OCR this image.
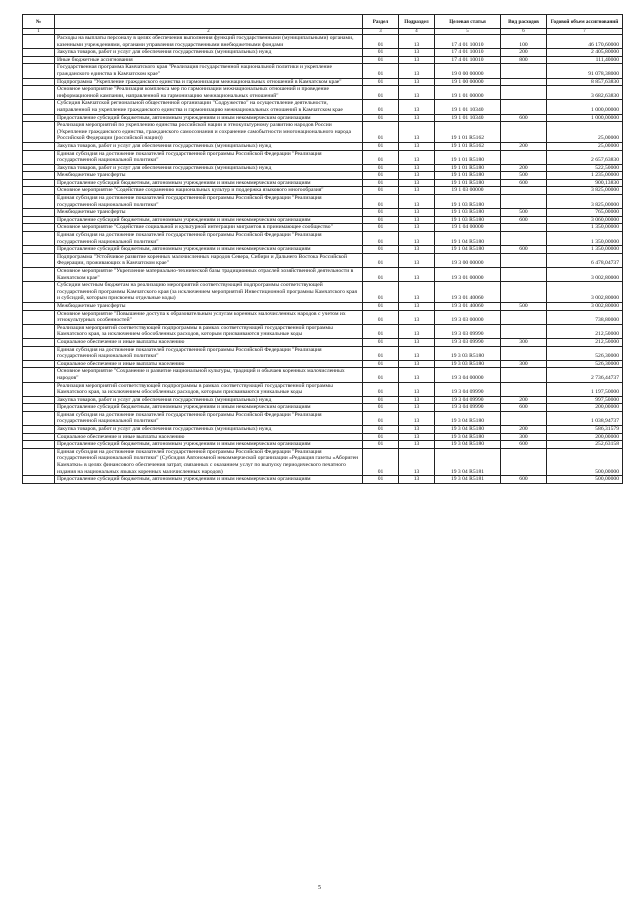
№		Раздел	Подраздел	Целевая статья	Вид расходов	Годовой объем ассигнований
1	2	3	4	5	6	7
	Расходы на выплаты персоналу в целях обеспечения выполнения функций государственными (муниципальными) органами, казенными учреждениями, органами управления государственными внебюджетными фондами	01	13	17 4 01 10010	100	46 170,60000
	Закупка товаров, работ и услуг для обеспечения государственных (муниципальных) нужд	01	13	17 4 01 10010	200	2 405,80000
	Иные бюджетные ассигнования	01	13	17 4 01 10010	800	111,40000
	Государственная программа Камчатского края "Реализация государственной национальной политики и укрепление гражданского единства в Камчатском крае"	01	13	19 0 00 00000		91 078,38000
	Подпрограмма "Укрепление гражданского единства и гармонизация межнациональных отношений в Камчатском крае"	01	13	19 1 00 00000		8 857,63830
	Основное мероприятие "Реализация комплекса мер по гармонизации межнациональных отношений и проведение информационной кампании, направленной на гармонизацию межнациональных отношений"	01	13	19 1 01 00000		3 682,63830
	Субсидия Камчатской региональной общественной организации "Содружество" на осуществление деятельности, направленной на укрепление гражданского единства и гармонизацию межнациональных отношений в Камчатском крае	01	13	19 1 01 10340		1 000,00000
	Предоставление субсидий бюджетным, автономным учреждениям и иным некоммерческим организациям	01	13	19 1 01 10340	600	1 000,00000
	Реализация мероприятий по укреплению единства российской нации и этнокультурному развитию народов России (Укрепление гражданского единства, гражданского самосознания и сохранение самобытности многонационального народа Российской Федерации (российской нации))	01	13	19 1 01 R5162		25,00000
	Закупка товаров, работ и услуг для обеспечения государственных (муниципальных) нужд	01	13	19 1 01 R5162	200	25,00000
	Единая субсидия на достижение показателей государственной программы Российской Федерации "Реализация государственной национальной политики"	01	13	19 1 01 R5180		2 657,63830
	Закупка товаров, работ и услуг для обеспечения государственных (муниципальных) нужд	01	13	19 1 01 R5180	200	522,50000
	Межбюджетные трансферты	01	13	19 1 01 R5180	500	1 235,00000
	Предоставление субсидий бюджетным, автономным учреждениям и иным некоммерческим организациям	01	13	19 1 01 R5180	600	900,13830
	Основное мероприятие "Содействие сохранению национальных культур и поддержка языкового многообразия"	01	13	19 1 03 00000		3 825,00000
	Единая субсидия на достижение показателей государственной программы Российской Федерации "Реализация государственной национальной политики"	01	13	19 1 03 R5180		3 825,00000
	Межбюджетные трансферты	01	13	19 1 03 R5180	500	765,00000
	Предоставление субсидий бюджетным, автономным учреждениям и иным некоммерческим организациям	01	13	19 1 03 R5180	600	3 060,00000
	Основное мероприятие "Содействие социальной и культурной интеграции мигрантов в принимающее сообщество"	01	13	19 1 04 00000		1 350,00000
	Единая субсидия на достижение показателей государственной программы Российской Федерации "Реализация государственной национальной политики"	01	13	19 1 04 R5180		1 350,00000
	Предоставление субсидий бюджетным, автономным учреждениям и иным некоммерческим организациям	01	13	19 1 04 R5180	600	1 350,00000
	Подпрограмма "Устойчивое развитие коренных малочисленных народов Севера, Сибири и Дальнего Востока Российской Федерации, проживающих в Камчатском крае"	01	13	19 3 00 00000		6 478,04737
	Основное мероприятие "Укрепление материально-технической базы традиционных отраслей хозяйственной деятельности в Камчатском крае"	01	13	19 3 01 00000		3 002,80000
	Субсидии местным бюджетам на реализацию мероприятий соответствующей подпрограммы соответствующей государственной программы Камчатского края (за исключением мероприятий Инвестиционной программы Камчатского края и субсидий, которым присвоены отдельные коды)	01	13	19 3 01 40060		3 002,80000
	Межбюджетные трансферты	01	13	19 3 01 40060	500	3 002,80000
	Основное мероприятие "Повышение доступа к образовательным услугам коренных малочисленных народов с учетом их этнокультурных особенностей"	01	13	19 3 03 00000		738,80000
	Реализация мероприятий соответствующей подпрограммы в рамках соответствующей государственной программы Камчатского края, за исключением обособленных расходов, которым присваиваются уникальные коды	01	13	19 3 03 09990		212,50000
	Социальное обеспечение и иные выплаты населению	01	13	19 3 03 09990	300	212,50000
	Единая субсидия на достижение показателей государственной программы Российской Федерации "Реализация государственной национальной политики"	01	13	19 3 03 R5180		526,30000
	Социальное обеспечение и иные выплаты населению	01	13	19 3 03 R5180	300	526,30000
	Основное мероприятие "Сохранение и развитие национальной культуры, традиций и обычаев коренных малочисленных народов"	01	13	19 3 04 00000		2 736,44737
	Реализация мероприятий соответствующей подпрограммы в рамках соответствующей государственной программы Камчатского края, за исключением обособленных расходов, которым присваиваются уникальные коды	01	13	19 3 04 09990		1 197,50000
	Закупка товаров, работ и услуг для обеспечения государственных (муниципальных) нужд	01	13	19 3 04 09990	200	997,50000
	Предоставление субсидий бюджетным, автономным учреждениям и иным некоммерческим организациям	01	13	19 3 04 09990	600	200,00000
	Единая субсидия на достижение показателей государственной программы Российской Федерации "Реализация государственной национальной политики"	01	13	19 3 04 R5180		1 038,94737
	Закупка товаров, работ и услуг для обеспечения государственных (муниципальных) нужд	01	13	19 3 04 R5180	200	586,31579
	Социальное обеспечение и иные выплаты населению	01	13	19 3 04 R5180	300	200,00000
	Предоставление субсидий бюджетным, автономным учреждениям и иным некоммерческим организациям	01	13	19 3 04 R5180	600	252,63158
	Единая субсидия на достижение показателей государственной программы Российской Федерации "Реализация государственной национальной политики" (Субсидия Автономной некоммерческой организации «Редакция газеты «Абориген Камчатки» в целях финансового обеспечения затрат, связанных с оказанием услуг по выпуску периодического печатного издания на национальных языках коренных малочисленных народов)	01	13	19 3 04 R5181		500,00000
	Предоставление субсидий бюджетным, автономным учреждениям и иным некоммерческим организациям	01	13	19 3 04 R5181	600	500,00000
5
